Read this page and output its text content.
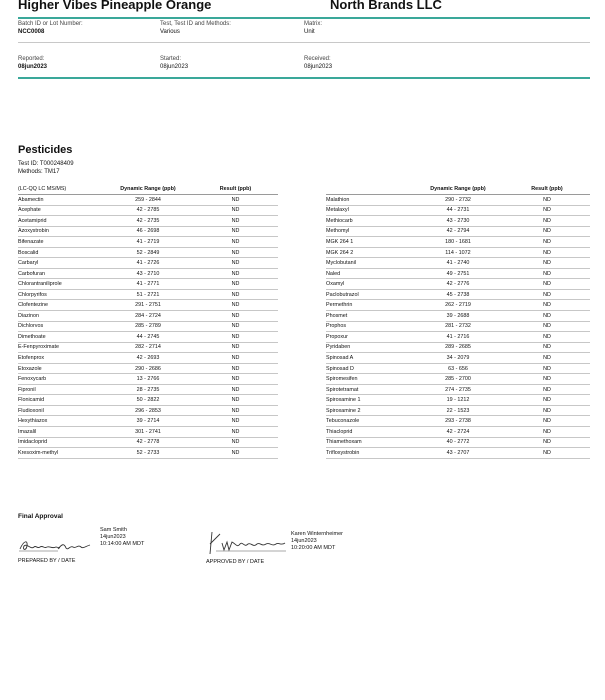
Higher Vibes Pineapple Orange	North Brands LLC
Batch ID or Lot Number:
NCC0008
Test, Test ID and Methods:
Various
Matrix:
Unit
Reported:
08jun2023
Started:
08jun2023
Received:
08jun2023
Pesticides
Test ID: T000248409
Methods: TM17
(LC-QQ LC MS/MS)	Dynamic Range (ppb)	Result (ppb)
Abamectin	259 - 2844	ND
Acephate	42 - 2785	ND
Acetamiprid	42 - 2735	ND
Azoxystrobin	46 - 2698	ND
Bifenazate	41 - 2719	ND
Boscalid	52 - 2849	ND
Carbaryl	41 - 2726	ND
Carbofuran	43 - 2710	ND
Chlorantraniliprole	41 - 2771	ND
Chlorpyrifos	51 - 2721	ND
Clofentezine	291 - 2751	ND
Diazinon	284 - 2724	ND
Dichlorvos	285 - 2789	ND
Dimethoate	44 - 2745	ND
E-Fenpyroximate	282 - 2714	ND
Etofenprox	42 - 2693	ND
Etoxazole	290 - 2686	ND
Fenoxycarb	13 - 2766	ND
Fipronil	28 - 2735	ND
Flonicamid	50 - 2822	ND
Fludioxonil	296 - 2853	ND
Hexythiazox	39 - 2714	ND
Imazalil	301 - 2741	ND
Imidacloprid	42 - 2778	ND
Kresoxim-methyl	52 - 2733	ND
	Dynamic Range (ppb)	Result (ppb)
Malathion	290 - 2732	ND
Metalaxyl	44 - 2731	ND
Methiocarb	43 - 2730	ND
Methomyl	42 - 2794	ND
MGK 264 1	180 - 1681	ND
MGK 264 2	114 - 1072	ND
Myclobutanil	41 - 2740	ND
Naled	49 - 2751	ND
Oxamyl	42 - 2776	ND
Paclobutrazol	45 - 2738	ND
Permethrin	262 - 2719	ND
Phosmet	39 - 2688	ND
Prophos	281 - 2732	ND
Propoxur	41 - 2716	ND
Pyridaben	289 - 2685	ND
Spinosad A	34 - 2079	ND
Spinosad D	63 - 656	ND
Spiromesifen	285 - 2700	ND
Spirotetramat	274 - 2735	ND
Spiroxamine 1	19 - 1212	ND
Spiroxamine 2	22 - 1523	ND
Tebuconazole	293 - 2738	ND
Thiacloprid	42 - 2724	ND
Thiamethoxam	40 - 2772	ND
Trifloxystrobin	43 - 2707	ND
Final Approval
Sam Smith
14jun2023
10:14:00 AM MDT
PREPARED BY / DATE
Karen Winternheimer
14jun2023
10:20:00 AM MDT
APPROVED BY / DATE
